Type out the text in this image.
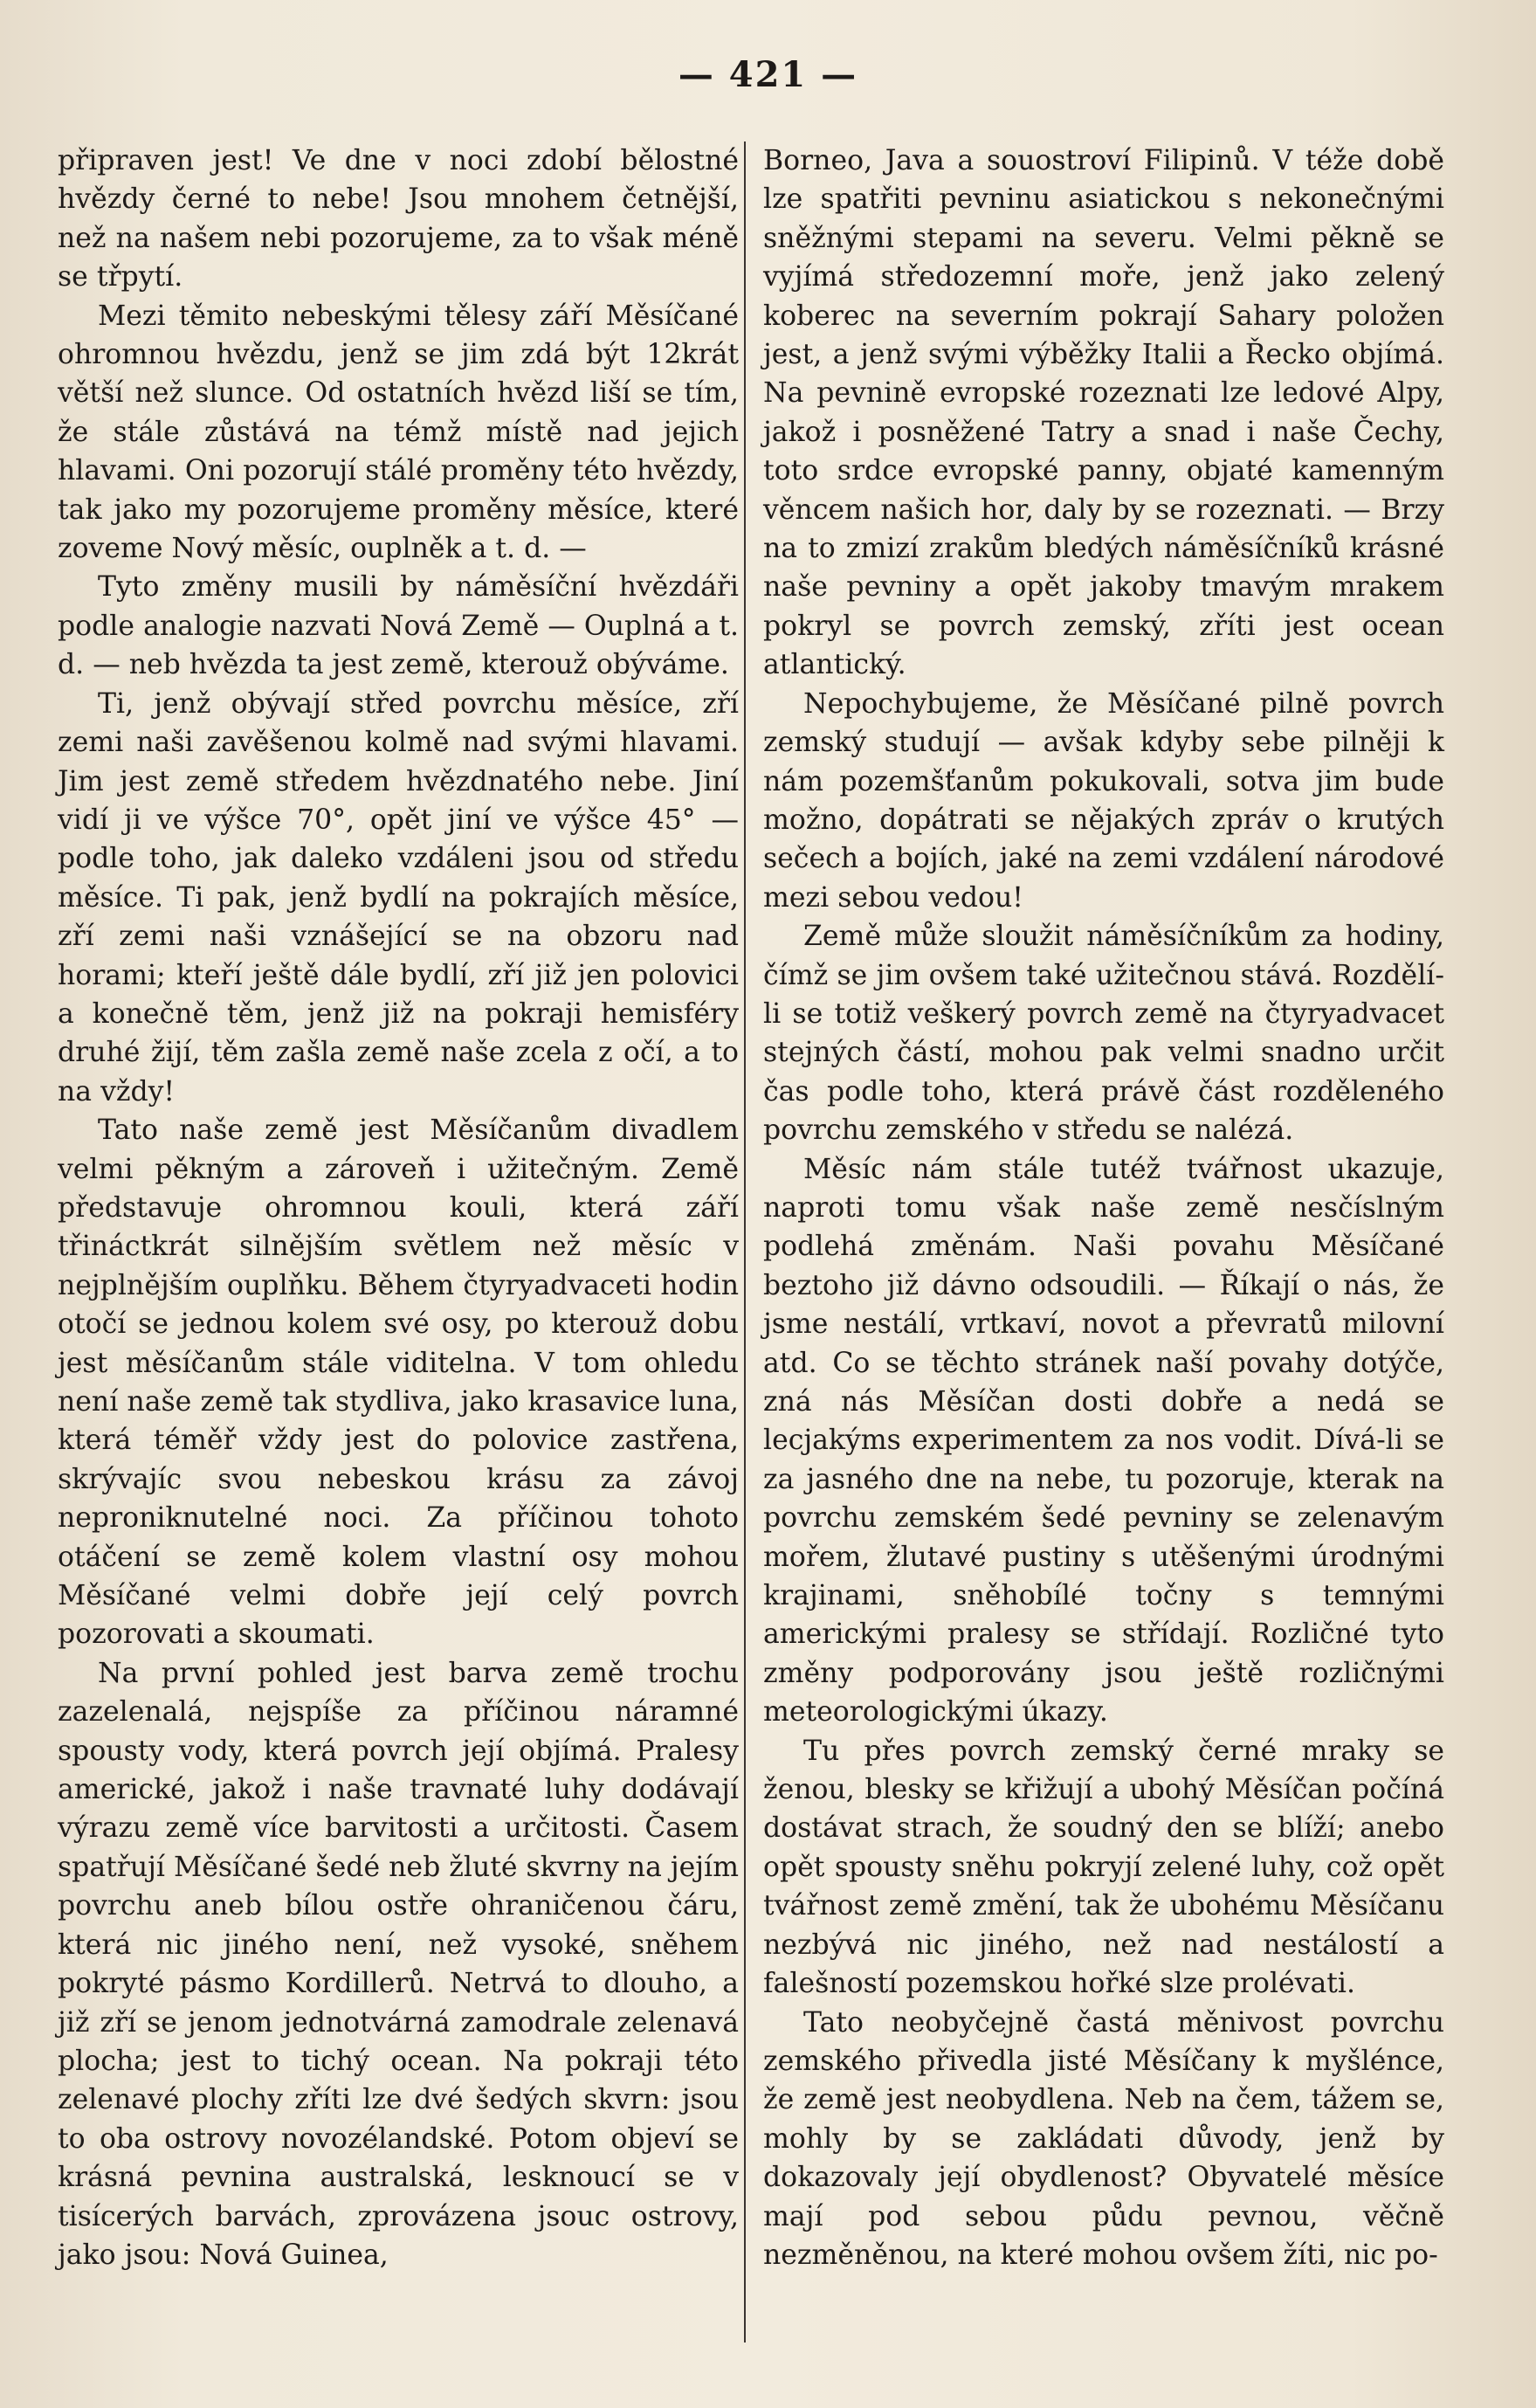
— 421 —

připraven jest! Ve dne v noci zdobí bělostné hvězdy černé to nebe! Jsou mnohem četnější, než na našem nebi pozorujeme, za to však méně se třpytí.

Mezi těmito nebeskými tělesy září Měsíčané ohromnou hvězdu, jenž se jim zdá být 12krát větší než slunce. Od ostatních hvězd liší se tím, že stále zůstává na témž místě nad jejich hlavami. Oni pozorují stálé proměny této hvězdy, tak jako my pozorujeme proměny měsíce, které zoveme Nový měsíc, ouplněk a t. d. —

Tyto změny musili by náměsíční hvězdáři podle analogie nazvati Nová Země — Ouplná a t. d. — neb hvězda ta jest země, kterouž obýváme.

Ti, jenž obývají střed povrchu měsíce, zří zemi naši zavěšenou kolmě nad svými hlavami. Jim jest země středem hvězdnatého nebe. Jiní vidí ji ve výšce 70°, opět jiní ve výšce 45° — podle toho, jak daleko vzdáleni jsou od středu měsíce. Ti pak, jenž bydlí na pokrajích měsíce, zří zemi naši vznášející se na obzoru nad horami; kteří ještě dále bydlí, zří již jen polovici a konečně těm, jenž již na pokraji hemisféry druhé žijí, těm zašla země naše zcela z očí, a to na vždy!

Tato naše země jest Měsíčanům divadlem velmi pěkným a zároveň i užitečným. Země představuje ohromnou kouli, která září třináctkrát silnějším světlem než měsíc v nejplnějším ouplňku. Během čtyryadvaceti hodin otočí se jednou kolem své osy, po kterouž dobu jest měsíčanům stále viditelna. V tom ohledu není naše země tak stydliva, jako krasavice luna, která téměř vždy jest do polovice zastřena, skrývajíc svou nebeskou krásu za závoj neproniknutelné noci. Za příčinou tohoto otáčení se země kolem vlastní osy mohou Měsíčané velmi dobře její celý povrch pozorovati a skoumati.

Na první pohled jest barva země trochu zazelenalá, nejspíše za příčinou náramné spousty vody, která povrch její objímá. Pralesy americké, jakož i naše travnaté luhy dodávají výrazu země více barvitosti a určitosti. Časem spatřují Měsíčané šedé neb žluté skvrny na jejím povrchu aneb bílou ostře ohraničenou čáru, která nic jiného není, než vysoké, sněhem pokryté pásmo Kordillerů. Netrvá to dlouho, a již zří se jenom jednotvárná zamodrale zelenavá plocha; jest to tichý ocean. Na pokraji této zelenavé plochy zříti lze dvé šedých skvrn: jsou to oba ostrovy novozélandské. Potom objeví se krásná pevnina australská, lesknoucí se v tisícerých barvách, zprovázena jsouc ostrovy, jako jsou: Nová Guinea,

Borneo, Java a souostroví Filipinů. V téže době lze spatřiti pevninu asiatickou s nekonečnými sněžnými stepami na severu. Velmi pěkně se vyjímá středozemní moře, jenž jako zelený koberec na severním pokrají Sahary položen jest, a jenž svými výběžky Italii a Řecko objímá. Na pevnině evropské rozeznati lze ledové Alpy, jakož i posněžené Tatry a snad i naše Čechy, toto srdce evropské panny, objaté kamenným věncem našich hor, daly by se rozeznati. — Brzy na to zmizí zrakům bledých náměsíčníků krásné naše pevniny a opět jakoby tmavým mrakem pokryl se povrch zemský, zříti jest ocean atlantický.

Nepochybujeme, že Měsíčané pilně povrch zemský studují — avšak kdyby sebe pilněji k nám pozemšťanům pokukovali, sotva jim bude možno, dopátrati se nějakých zpráv o krutých sečech a bojích, jaké na zemi vzdálení národové mezi sebou vedou!

Země může sloužit náměsíčníkům za hodiny, čímž se jim ovšem také užitečnou stává. Rozdělí-li se totiž veškerý povrch země na čtyryadvacet stejných částí, mohou pak velmi snadno určit čas podle toho, která právě část rozděleného povrchu zemského v středu se nalézá.

Měsíc nám stále tutéž tvářnost ukazuje, naproti tomu však naše země nesčíslným podlehá změnám. Naši povahu Měsíčané beztoho již dávno odsoudili. — Říkají o nás, že jsme nestálí, vrtkaví, novot a převratů milovní atd. Co se těchto stránek naší povahy dotýče, zná nás Měsíčan dosti dobře a nedá se lecjakýms experimentem za nos vodit. Dívá-li se za jasného dne na nebe, tu pozoruje, kterak na povrchu zemském šedé pevniny se zelenavým mořem, žlutavé pustiny s utěšenými úrodnými krajinami, sněhobílé točny s temnými americkými pralesy se střídají. Rozličné tyto změny podporovány jsou ještě rozličnými meteorologickými úkazy.

Tu přes povrch zemský černé mraky se ženou, blesky se křižují a ubohý Měsíčan počíná dostávat strach, že soudný den se blíží; anebo opět spousty sněhu pokryjí zelené luhy, což opět tvářnost země změní, tak že ubohému Měsíčanu nezbývá nic jiného, než nad nestálostí a falešností pozemskou hořké slze prolévati.

Tato neobyčejně častá měnivost povrchu zemského přivedla jisté Měsíčany k myšlénce, že země jest neobydlena. Neb na čem, tážem se, mohly by se zakládati důvody, jenž by dokazovaly její obydlenost? Obyvatelé měsíce mají pod sebou půdu pevnou, věčně nezměněnou, na které mohou ovšem žíti, nic po-
